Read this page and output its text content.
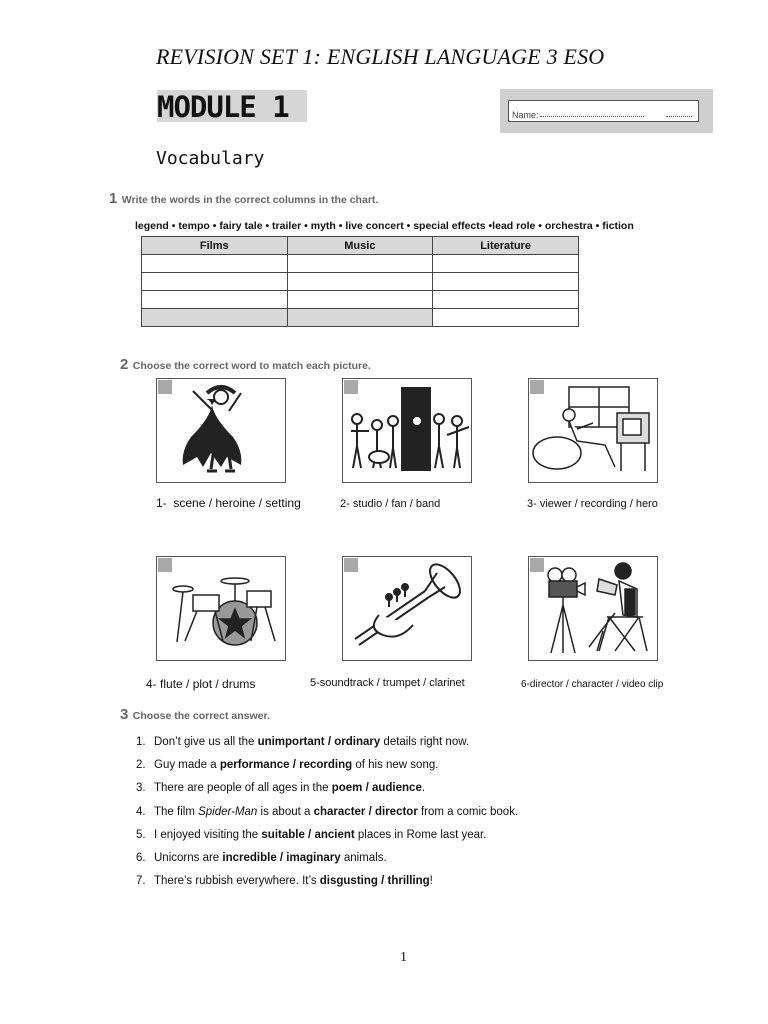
REVISION SET 1: ENGLISH LANGUAGE 3 ESO
MODULE 1	Name:
Vocabulary
1 Write the words in the correct columns in the chart.
legend • tempo • fairy tale • trailer • myth • live concert • special effects •lead role • orchestra • fiction
Films	Music	Literature

2 Choose the correct word to match each picture.
1- scene / heroine / setting	2- studio / fan / band	3- viewer / recording / hero
4- flute / plot / drums	5-soundtrack / trumpet / clarinet	6-director / character / video clip
3 Choose the correct answer.
1. Don’t give us all the unimportant / ordinary details right now.
2. Guy made a performance / recording of his new song.
3. There are people of all ages in the poem / audience.
4. The film Spider-Man is about a character / director from a comic book.
5. I enjoyed visiting the suitable / ancient places in Rome last year.
6. Unicorns are incredible / imaginary animals.
7. There’s rubbish everywhere. It’s disgusting / thrilling!
1
